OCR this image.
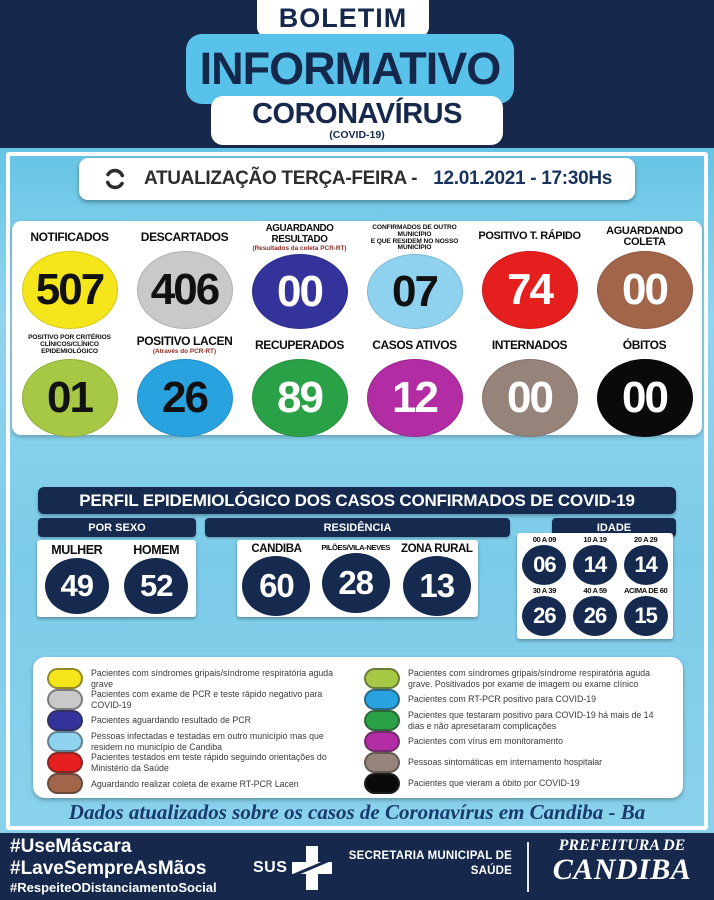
BOLETIM
INFORMATIVO
CORONAVÍRUS
(COVID-19)
ATUALIZAÇÃO TERÇA-FEIRA - 12.01.2021 - 17:30Hs
NOTIFICADOS
507
DESCARTADOS
406
AGUARDANDO RESULTADO
(Resultados da coleta PCR-RT)
00
CONFIRMADOS DE OUTRO MUNICÍPIO
E QUE RESIDEM NO NOSSO MUNICÍPIO
07
POSITIVO T. RÁPIDO
74
AGUARDANDO COLETA
00
POSITIVO POR CRITÉRIOS
CLÍNICOS/CLÍNICO EPIDEMIOLÓGICO
01
POSITIVO LACEN
(Através do PCR-RT)
26
RECUPERADOS
89
CASOS ATIVOS
12
INTERNADOS
00
ÓBITOS
00
PERFIL EPIDEMIOLÓGICO DOS CASOS CONFIRMADOS DE COVID-19
POR SEXO	RESIDÊNCIA	IDADE
MULHER
49
HOMEM
52
CANDIBA
60
PILÕES/VILA-NEVES
28
ZONA RURAL
13
00 A 09
06
10 A 19
14
20 A 29
14
30 A 39
26
40 A 59
26
ACIMA DE 60
15
Pacientes com síndromes gripais/síndrome respiratória aguda grave
Pacientes com exame de PCR e teste rápido negativo para COVID-19
Pacientes aguardando resultado de PCR
Pessoas infectadas e testadas em outro município mas que residem no município de Candiba
Pacientes testados em teste rápido seguindo orientações do Ministério da Saúde
Aguardando realizar coleta de exame RT-PCR Lacen
Pacientes com síndromes gripais/síndrome respiratória aguda grave. Positivados por exame de imagem ou exame clínico
Pacientes com RT-PCR positivo para COVID-19
Pacientes que testaram positivo para COVID-19 há mais de 14 dias e não apresetaram complicações
Pacientes com vírus em monitoramento
Pessoas sintomáticas em internamento hospitalar
Pacientes que vieram a óbito por COVID-19
Dados atualizados sobre os casos de Coronavírus em Candiba - Ba
#UseMáscara
#LaveSempreAsMãos
#RespeiteODistanciamentoSocial
SUS
SECRETARIA MUNICIPAL DE
SAÚDE
PREFEITURA DE
CANDIBA
